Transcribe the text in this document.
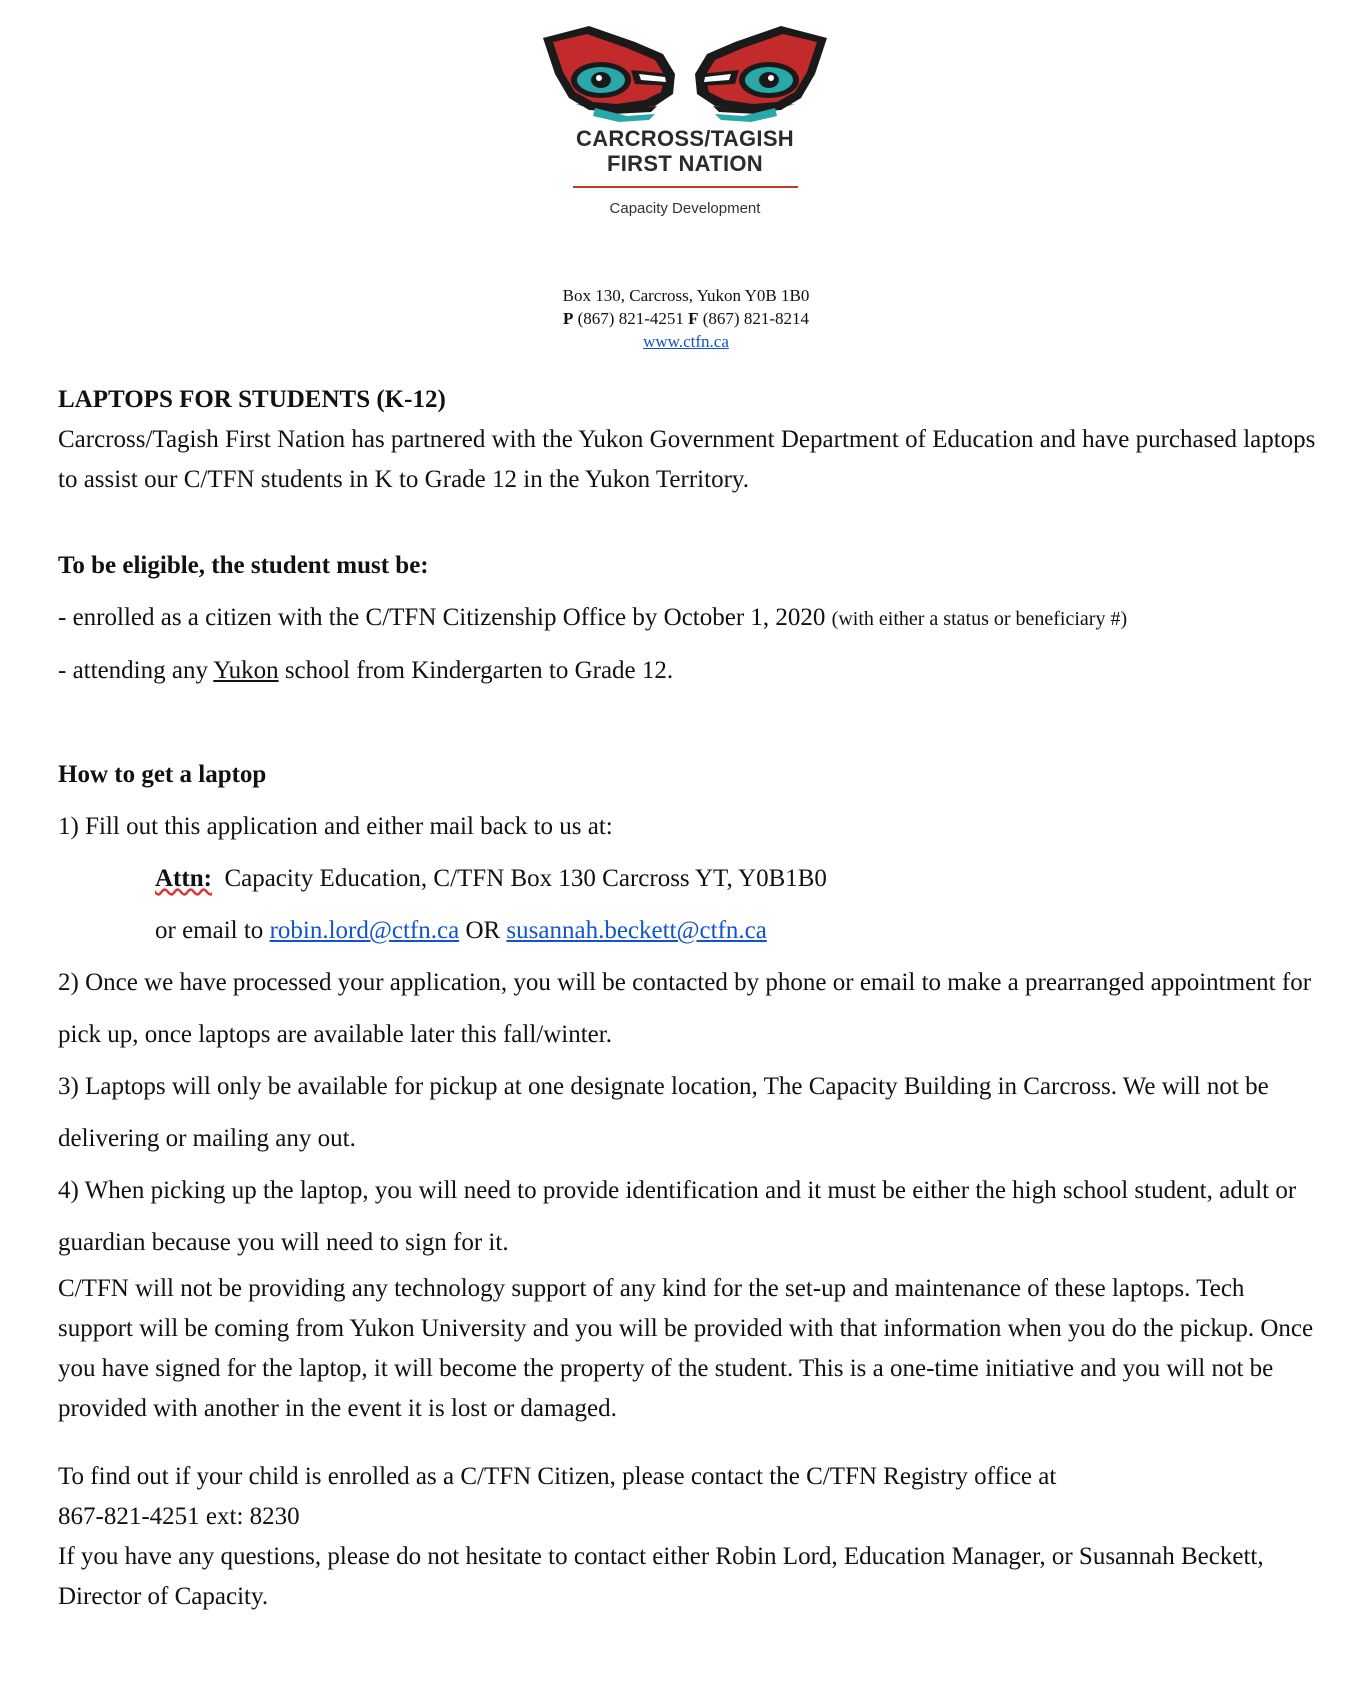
CARCROSS/TAGISH
FIRST NATION
Capacity Development
Box 130, Carcross, Yukon Y0B 1B0
P (867) 821-4251 F (867) 821-8214
www.ctfn.ca

LAPTOPS FOR STUDENTS (K-12)

Carcross/Tagish First Nation has partnered with the Yukon Government Department of Education and have purchased laptops to assist our C/TFN students in K to Grade 12 in the Yukon Territory.

To be eligible, the student must be:

- enrolled as a citizen with the C/TFN Citizenship Office by October 1, 2020 (with either a status or beneficiary #)

- attending any Yukon school from Kindergarten to Grade 12.

How to get a laptop

1) Fill out this application and either mail back to us at:

Attn: Capacity Education, C/TFN Box 130 Carcross YT, Y0B1B0

or email to robin.lord@ctfn.ca OR susannah.beckett@ctfn.ca

2) Once we have processed your application, you will be contacted by phone or email to make a prearranged appointment for pick up, once laptops are available later this fall/winter.

3) Laptops will only be available for pickup at one designate location, The Capacity Building in Carcross. We will not be delivering or mailing any out.

4) When picking up the laptop, you will need to provide identification and it must be either the high school student, adult or guardian because you will need to sign for it.

C/TFN will not be providing any technology support of any kind for the set-up and maintenance of these laptops. Tech support will be coming from Yukon University and you will be provided with that information when you do the pickup. Once you have signed for the laptop, it will become the property of the student. This is a one-time initiative and you will not be provided with another in the event it is lost or damaged.

To find out if your child is enrolled as a C/TFN Citizen, please contact the C/TFN Registry office at

867-821-4251 ext: 8230

If you have any questions, please do not hesitate to contact either Robin Lord, Education Manager, or Susannah Beckett, Director of Capacity.
